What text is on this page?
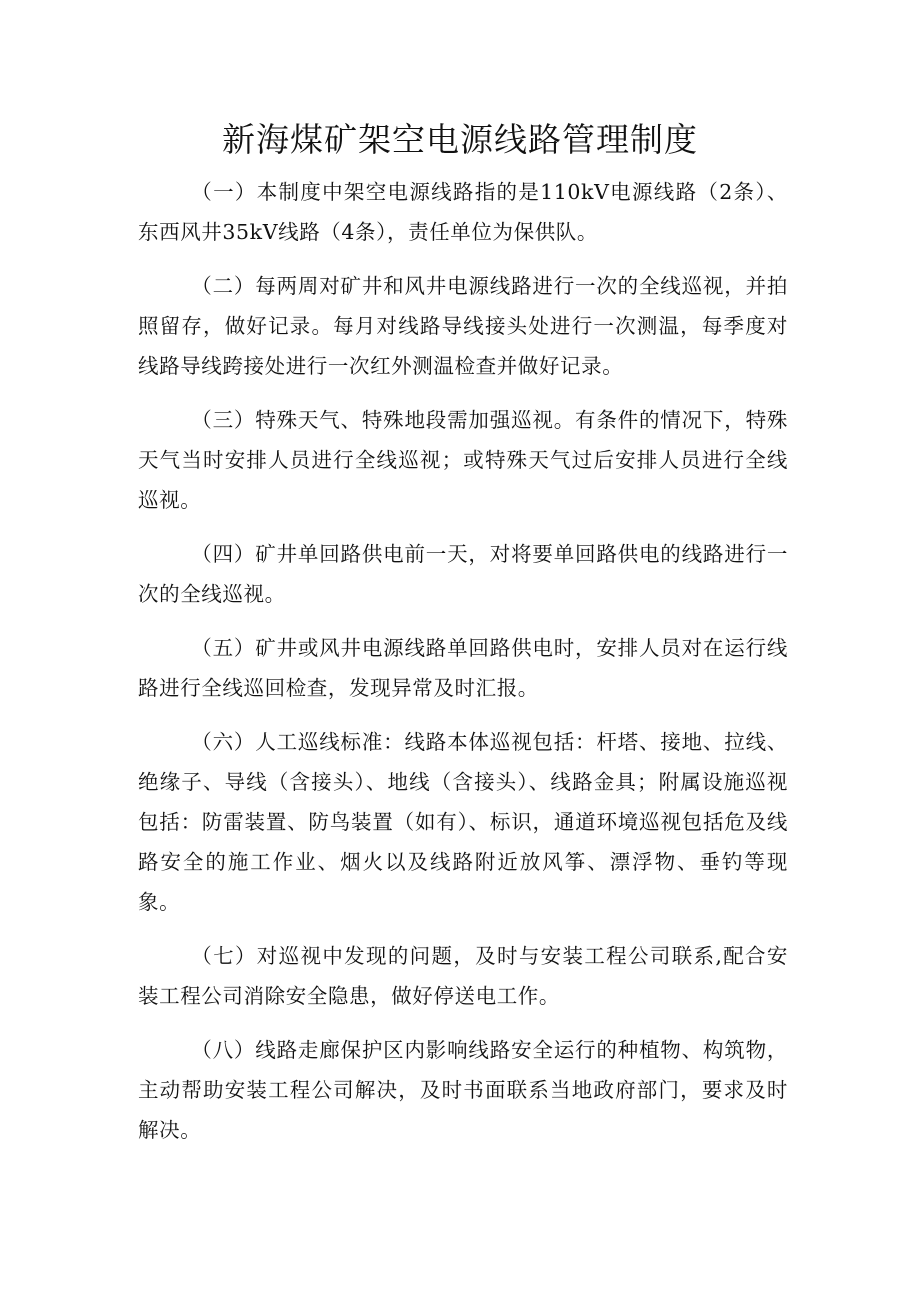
新海煤矿架空电源线路管理制度

（一）本制度中架空电源线路指的是110kV电源线路（2条）、东西风井35kV线路（4条），责任单位为保供队。

（二）每两周对矿井和风井电源线路进行一次的全线巡视，并拍照留存，做好记录。每月对线路导线接头处进行一次测温，每季度对线路导线跨接处进行一次红外测温检查并做好记录。

（三）特殊天气、特殊地段需加强巡视。有条件的情况下，特殊天气当时安排人员进行全线巡视；或特殊天气过后安排人员进行全线巡视。

（四）矿井单回路供电前一天，对将要单回路供电的线路进行一次的全线巡视。

（五）矿井或风井电源线路单回路供电时，安排人员对在运行线路进行全线巡回检查，发现异常及时汇报。

（六）人工巡线标准：线路本体巡视包括：杆塔、接地、拉线、绝缘子、导线（含接头）、地线（含接头）、线路金具；附属设施巡视包括：防雷装置、防鸟装置（如有）、标识，通道环境巡视包括危及线路安全的施工作业、烟火以及线路附近放风筝、漂浮物、垂钓等现象。

（七）对巡视中发现的问题，及时与安装工程公司联系,配合安装工程公司消除安全隐患，做好停送电工作。

（八）线路走廊保护区内影响线路安全运行的种植物、构筑物，主动帮助安装工程公司解决，及时书面联系当地政府部门，要求及时解决。
